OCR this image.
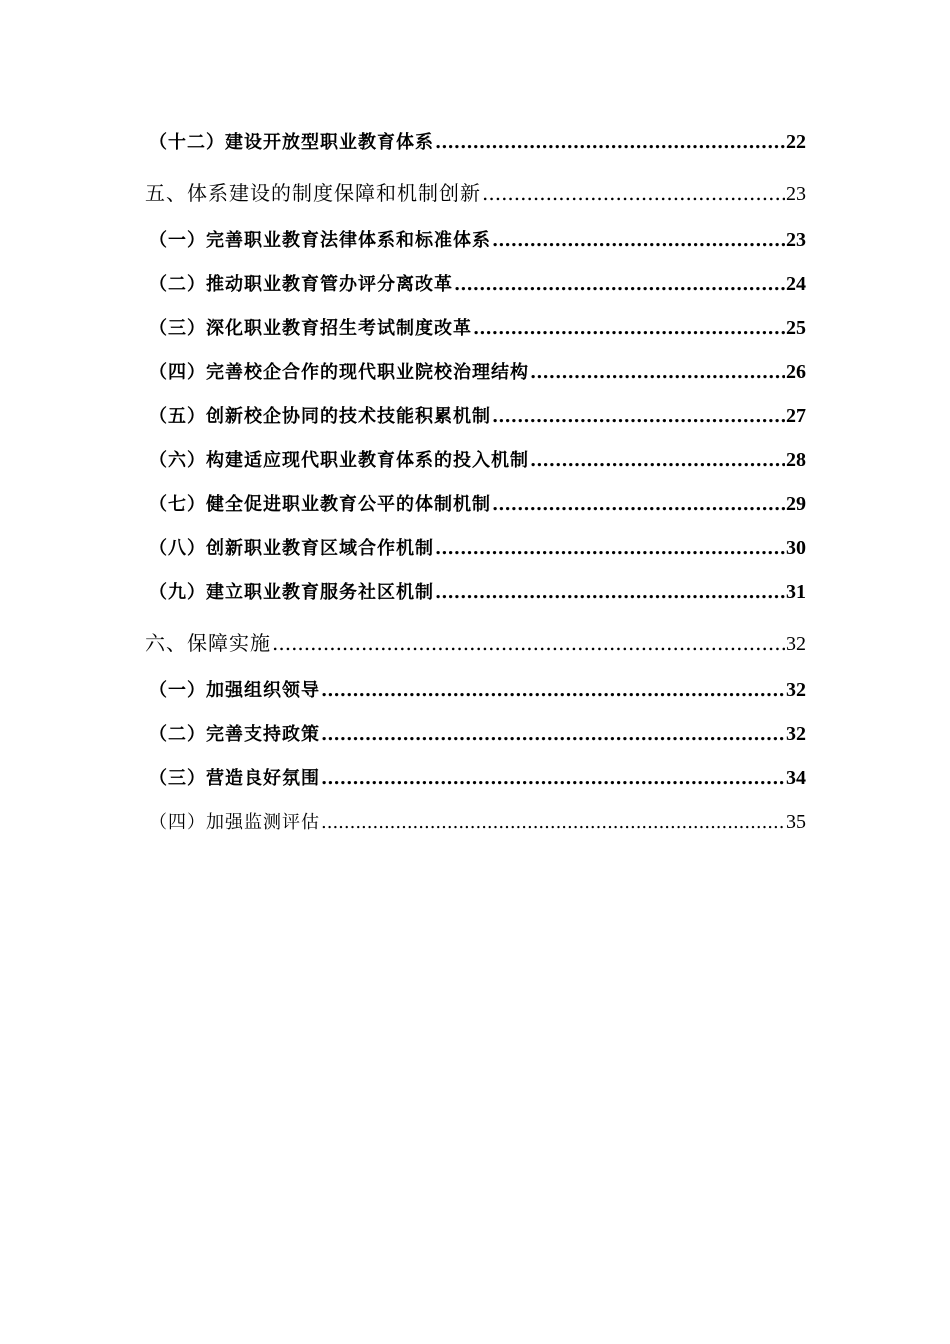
（十二）建设开放型职业教育体系 .....	22
五、体系建设的制度保障和机制创新 .....	23
（一）完善职业教育法律体系和标准体系 .....	23
（二）推动职业教育管办评分离改革 .....	24
（三）深化职业教育招生考试制度改革 .....	25
（四）完善校企合作的现代职业院校治理结构 .....	26
（五）创新校企协同的技术技能积累机制 .....	27
（六）构建适应现代职业教育体系的投入机制 .....	28
（七）健全促进职业教育公平的体制机制 .....	29
（八）创新职业教育区域合作机制 .....	30
（九）建立职业教育服务社区机制 .....	31
六、保障实施 .....	32
（一）加强组织领导 .....	32
（二）完善支持政策 .....	32
（三）营造良好氛围 .....	34
（四）加强监测评估 .....	35
